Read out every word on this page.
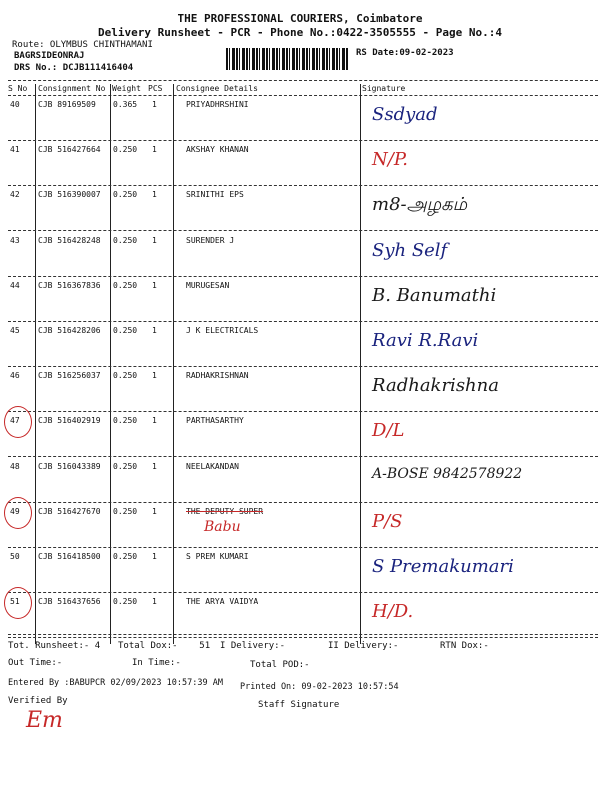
THE PROFESSIONAL COURIERS, Coimbatore
Delivery Runsheet - PCR - Phone No.:0422-3505555 - Page No.:4
Route: OLYMBUS CHINTHAMANI
BAGRSIDEONRAJ
DRS No.: DCJB111416404
RS Date:09-02-2023
S No Consignment No Weight PCS Consignee Details	Signature
40 CJB 89169509 0.365 1	PRIYADHRSHINI	Ssdyad
41 CJB 516427664 0.250 1	AKSHAY KHANAN	N/P.
42 CJB 516390007 0.250 1	SRINITHI EPS	m8-அழகம்
43 CJB 516428248 0.250 1	SURENDER J	Syh Self
44 CJB 516367836 0.250 1	MURUGESAN	B. Banumathi
45 CJB 516428206 0.250 1	J K ELECTRICALS	Ravi R.Ravi
46 CJB 516256037 0.250 1	RADHAKRISHNAN	Radhakrishna
47 CJB 516402919 0.250 1	PARTHASARTHY	D/L
48 CJB 516043389 0.250 1	NEELAKANDAN	A-BOSE 9842578922
49 CJB 516427670 0.250 1	THE DEPUTY SUPER	P/S
Babu
50 CJB 516418500 0.250 1	S PREM KUMARI	S Premakumari
51 CJB 516437656 0.250 1	THE ARYA VAIDYA	H/D.
Tot. Runsheet:- 4 Total Dox:-    51 I Delivery:-	II Delivery:-	RTN Dox:-
Out Time:-	In Time:-	Total POD:-
Entered By :BABUPCR 02/09/2023 10:57:39 AM Printed On: 09-02-2023 10:57:54
Verified By	Staff Signature
Em
